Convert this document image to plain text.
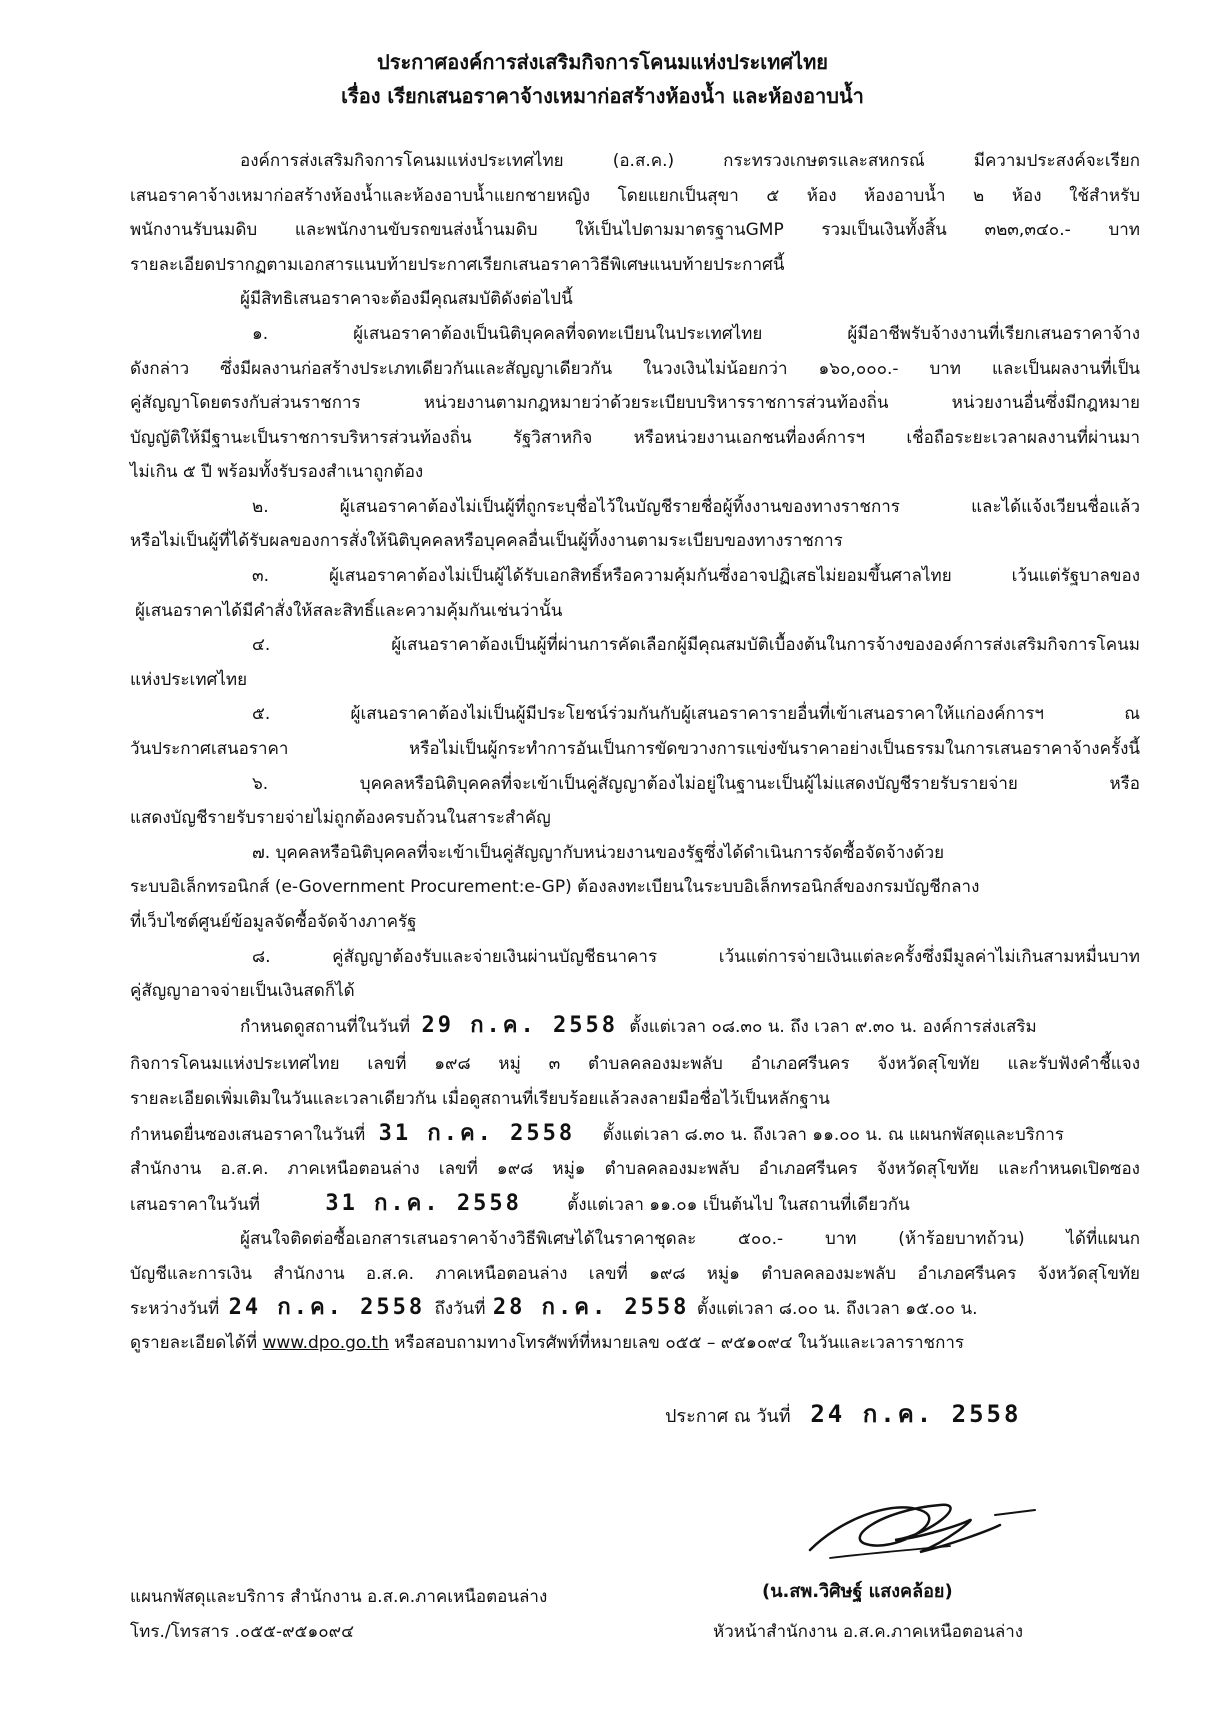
ประกาศองค์การส่งเสริมกิจการโคนมแห่งประเทศไทย
เรื่อง เรียกเสนอราคาจ้างเหมาก่อสร้างห้องน้ำ และห้องอาบน้ำ
องค์การส่งเสริมกิจการโคนมแห่งประเทศไทย (อ.ส.ค.) กระทรวงเกษตรและสหกรณ์ มีความประสงค์จะเรียก
เสนอราคาจ้างเหมาก่อสร้างห้องน้ำและห้องอาบน้ำแยกชายหญิง โดยแยกเป็นสุขา ๕ ห้อง ห้องอาบน้ำ ๒ ห้อง ใช้สำหรับ
พนักงานรับนมดิบ และพนักงานขับรถขนส่งน้ำนมดิบ ให้เป็นไปตามมาตรฐานGMP รวมเป็นเงินทั้งสิ้น ๓๒๓,๓๔๐.- บาท
รายละเอียดปรากฏตามเอกสารแนบท้ายประกาศเรียกเสนอราคาวิธีพิเศษแนบท้ายประกาศนี้
ผู้มีสิทธิเสนอราคาจะต้องมีคุณสมบัติดังต่อไปนี้
๑. ผู้เสนอราคาต้องเป็นนิติบุคคลที่จดทะเบียนในประเทศไทย ผู้มีอาชีพรับจ้างงานที่เรียกเสนอราคาจ้าง
ดังกล่าว ซึ่งมีผลงานก่อสร้างประเภทเดียวกันและสัญญาเดียวกัน ในวงเงินไม่น้อยกว่า ๑๖๐,๐๐๐.- บาท และเป็นผลงานที่เป็น
คู่สัญญาโดยตรงกับส่วนราชการ หน่วยงานตามกฎหมายว่าด้วยระเบียบบริหารราชการส่วนท้องถิ่น หน่วยงานอื่นซึ่งมีกฎหมาย
บัญญัติให้มีฐานะเป็นราชการบริหารส่วนท้องถิ่น รัฐวิสาหกิจ หรือหน่วยงานเอกชนที่องค์การฯ เชื่อถือระยะเวลาผลงานที่ผ่านมา
ไม่เกิน ๕ ปี พร้อมทั้งรับรองสำเนาถูกต้อง
๒. ผู้เสนอราคาต้องไม่เป็นผู้ที่ถูกระบุชื่อไว้ในบัญชีรายชื่อผู้ทิ้งงานของทางราชการ และได้แจ้งเวียนชื่อแล้ว
หรือไม่เป็นผู้ที่ได้รับผลของการสั่งให้นิติบุคคลหรือบุคคลอื่นเป็นผู้ทิ้งงานตามระเบียบของทางราชการ
๓. ผู้เสนอราคาต้องไม่เป็นผู้ได้รับเอกสิทธิ์หรือความคุ้มกันซึ่งอาจปฏิเสธไม่ยอมขึ้นศาลไทย เว้นแต่รัฐบาลของ
ผู้เสนอราคาได้มีคำสั่งให้สละสิทธิ์และความคุ้มกันเช่นว่านั้น
๔. ผู้เสนอราคาต้องเป็นผู้ที่ผ่านการคัดเลือกผู้มีคุณสมบัติเบื้องต้นในการจ้างขององค์การส่งเสริมกิจการโคนม
แห่งประเทศไทย
๕. ผู้เสนอราคาต้องไม่เป็นผู้มีประโยชน์ร่วมกันกับผู้เสนอราคารายอื่นที่เข้าเสนอราคาให้แก่องค์การฯ ณ
วันประกาศเสนอราคา หรือไม่เป็นผู้กระทำการอันเป็นการขัดขวางการแข่งขันราคาอย่างเป็นธรรมในการเสนอราคาจ้างครั้งนี้
๖. บุคคลหรือนิติบุคคลที่จะเข้าเป็นคู่สัญญาต้องไม่อยู่ในฐานะเป็นผู้ไม่แสดงบัญชีรายรับรายจ่าย หรือ
แสดงบัญชีรายรับรายจ่ายไม่ถูกต้องครบถ้วนในสาระสำคัญ
๗. บุคคลหรือนิติบุคคลที่จะเข้าเป็นคู่สัญญากับหน่วยงานของรัฐซึ่งได้ดำเนินการจัดซื้อจัดจ้างด้วย
ระบบอิเล็กทรอนิกส์ (e-Government Procurement:e-GP) ต้องลงทะเบียนในระบบอิเล็กทรอนิกส์ของกรมบัญชีกลาง
ที่เว็บไซต์ศูนย์ข้อมูลจัดซื้อจัดจ้างภาครัฐ
๘. คู่สัญญาต้องรับและจ่ายเงินผ่านบัญชีธนาคาร เว้นแต่การจ่ายเงินแต่ละครั้งซึ่งมีมูลค่าไม่เกินสามหมื่นบาท
คู่สัญญาอาจจ่ายเป็นเงินสดก็ได้
กำหนดดูสถานที่ในวันที่ 29 ก.ค. 2558 ตั้งแต่เวลา ๐๘.๓๐ น. ถึง เวลา ๙.๓๐ น. องค์การส่งเสริม
กิจการโคนมแห่งประเทศไทย เลขที่ ๑๙๘ หมู่ ๓ ตำบลคลองมะพลับ อำเภอศรีนคร จังหวัดสุโขทัย และรับฟังคำชี้แจง
รายละเอียดเพิ่มเติมในวันและเวลาเดียวกัน เมื่อดูสถานที่เรียบร้อยแล้วลงลายมือชื่อไว้เป็นหลักฐาน
กำหนดยื่นซองเสนอราคาในวันที่ 31 ก.ค. 2558 ตั้งแต่เวลา ๘.๓๐ น. ถึงเวลา ๑๑.๐๐ น. ณ แผนกพัสดุและบริการ
สำนักงาน อ.ส.ค. ภาคเหนือตอนล่าง เลขที่ ๑๙๘ หมู่๑ ตำบลคลองมะพลับ อำเภอศรีนคร จังหวัดสุโขทัย และกำหนดเปิดซอง
เสนอราคาในวันที่	31 ก.ค. 2558	ตั้งแต่เวลา ๑๑.๐๑ เป็นต้นไป ในสถานที่เดียวกัน
ผู้สนใจติดต่อซื้อเอกสารเสนอราคาจ้างวิธีพิเศษได้ในราคาชุดละ ๕๐๐.- บาท (ห้าร้อยบาทถ้วน) ได้ที่แผนก
บัญชีและการเงิน สำนักงาน อ.ส.ค. ภาคเหนือตอนล่าง เลขที่ ๑๙๘ หมู่๑ ตำบลคลองมะพลับ อำเภอศรีนคร จังหวัดสุโขทัย
ระหว่างวันที่ 24 ก.ค. 2558 ถึงวันที่ 28 ก.ค. 2558 ตั้งแต่เวลา ๘.๐๐ น. ถึงเวลา ๑๕.๐๐ น.
ดูรายละเอียดได้ที่ www.dpo.go.th หรือสอบถามทางโทรศัพท์ที่หมายเลข ๐๕๕ – ๙๕๑๐๙๔ ในวันและเวลาราชการ
ประกาศ ณ วันที่ 24 ก.ค. 2558
(น.สพ.วิศิษฐ์ แสงคล้อย)
หัวหน้าสำนักงาน อ.ส.ค.ภาคเหนือตอนล่าง
แผนกพัสดุและบริการ สำนักงาน อ.ส.ค.ภาคเหนือตอนล่าง
โทร./โทรสาร .๐๕๕-๙๕๑๐๙๔
